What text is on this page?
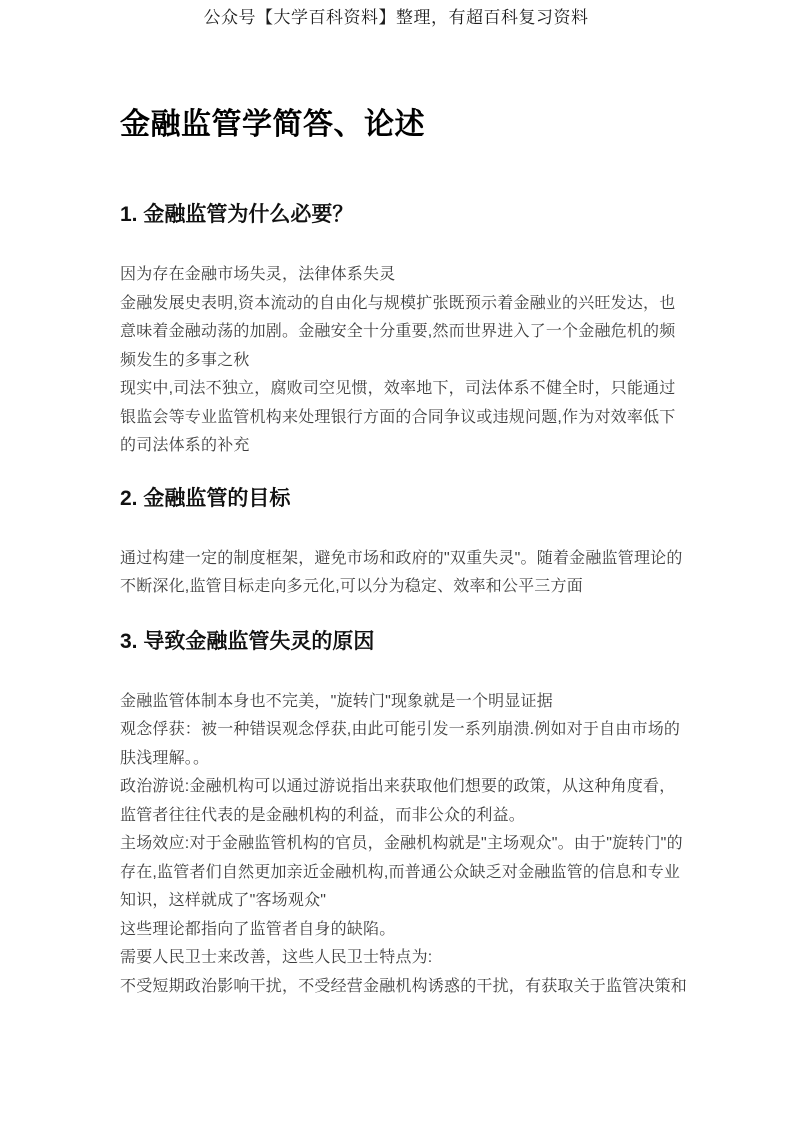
公众号【大学百科资料】整理，有超百科复习资料
金融监管学简答、论述
1. 金融监管为什么必要？
因为存在金融市场失灵，法律体系失灵
金融发展史表明,资本流动的自由化与规模扩张既预示着金融业的兴旺发达，也
意味着金融动荡的加剧。金融安全十分重要,然而世界进入了一个金融危机的频
频发生的多事之秋
现实中,司法不独立，腐败司空见惯，效率地下，司法体系不健全时，只能通过
银监会等专业监管机构来处理银行方面的合同争议或违规问题,作为对效率低下
的司法体系的补充
2. 金融监管的目标
通过构建一定的制度框架，避免市场和政府的"双重失灵"。随着金融监管理论的
不断深化,监管目标走向多元化,可以分为稳定、效率和公平三方面
3. 导致金融监管失灵的原因
金融监管体制本身也不完美，"旋转门"现象就是一个明显证据
观念俘获：被一种错误观念俘获,由此可能引发一系列崩溃.例如对于自由市场的
肤浅理解。。
政治游说:金融机构可以通过游说指出来获取他们想要的政策，从这种角度看，
监管者往往代表的是金融机构的利益，而非公众的利益。
主场效应:对于金融监管机构的官员，金融机构就是"主场观众"。由于"旋转门"的
存在,监管者们自然更加亲近金融机构,而普通公众缺乏对金融监管的信息和专业
知识，这样就成了"客场观众"
这些理论都指向了监管者自身的缺陷。
需要人民卫士来改善，这些人民卫士特点为:
不受短期政治影响干扰，不受经营金融机构诱惑的干扰，有获取关于监管决策和
